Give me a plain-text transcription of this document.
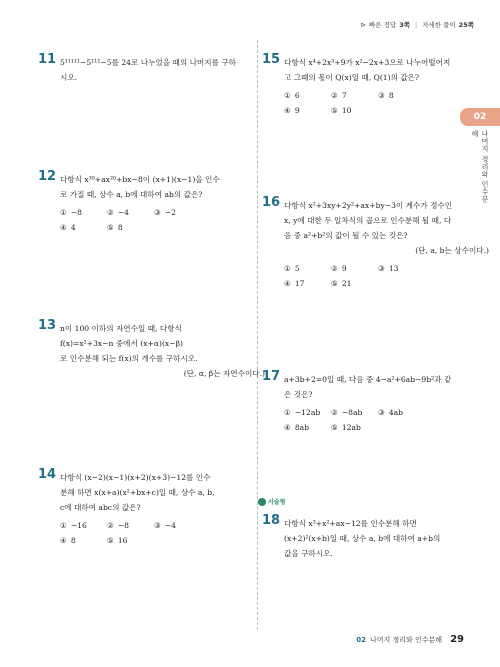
⊳ 빠른 정답 3쪽 | 자세한 풀이 25쪽
02
나머지 정리와 인수분해
11 5¹¹¹¹¹−5¹¹¹−5를 24로 나누었을 때의 나머지를 구하
시오.
12 다항식 x³⁰+ax²⁰+bx−8이 (x+1)(x−1)을 인수
로 가질 때, 상수 a, b에 대하여 ab의 값은?
① −8	② −4	③ −2
④ 4	⑤ 8
13 n이 100 이하의 자연수일 때, 다항식
f(x)=x²+3x−n 중에서 (x+α)(x−β)
로 인수분해 되는 f(x)의 개수를 구하시오.
(단, α, β는 자연수이다.)
14 다항식 (x−2)(x−1)(x+2)(x+3)−12를 인수
분해 하면 x(x+a)(x²+bx+c)일 때, 상수 a, b,
c에 대하여 abc의 값은?
① −16	② −8	③ −4
④ 8	⑤ 16
15 다항식 x⁴+2x³+9가 x²−2x+3으로 나누어떨어지
고 그때의 몫이 Q(x)일 때, Q(1)의 값은?
① 6	② 7	③ 8
④ 9	⑤ 10
16 다항식 x²+3xy+2y²+ax+by−3이 계수가 정수인
x, y에 대한 두 일차식의 곱으로 인수분해 될 때, 다
음 중 a²+b²의 값이 될 수 있는 것은?
(단, a, b는 상수이다.)
① 5	② 9	③ 13
④ 17	⑤ 21
17 a+3b+2=0일 때, 다음 중 4−a²+6ab−9b²과 같
은 것은?
① −12ab	② −8ab	③ 4ab
④ 8ab	⑤ 12ab
서술형
18 다항식 x³+x²+ax−12를 인수분해 하면
(x+2)²(x+b)일 때, 상수 a, b에 대하여 a+b의
값을 구하시오.
02 나머지 정리와 인수분해 29
